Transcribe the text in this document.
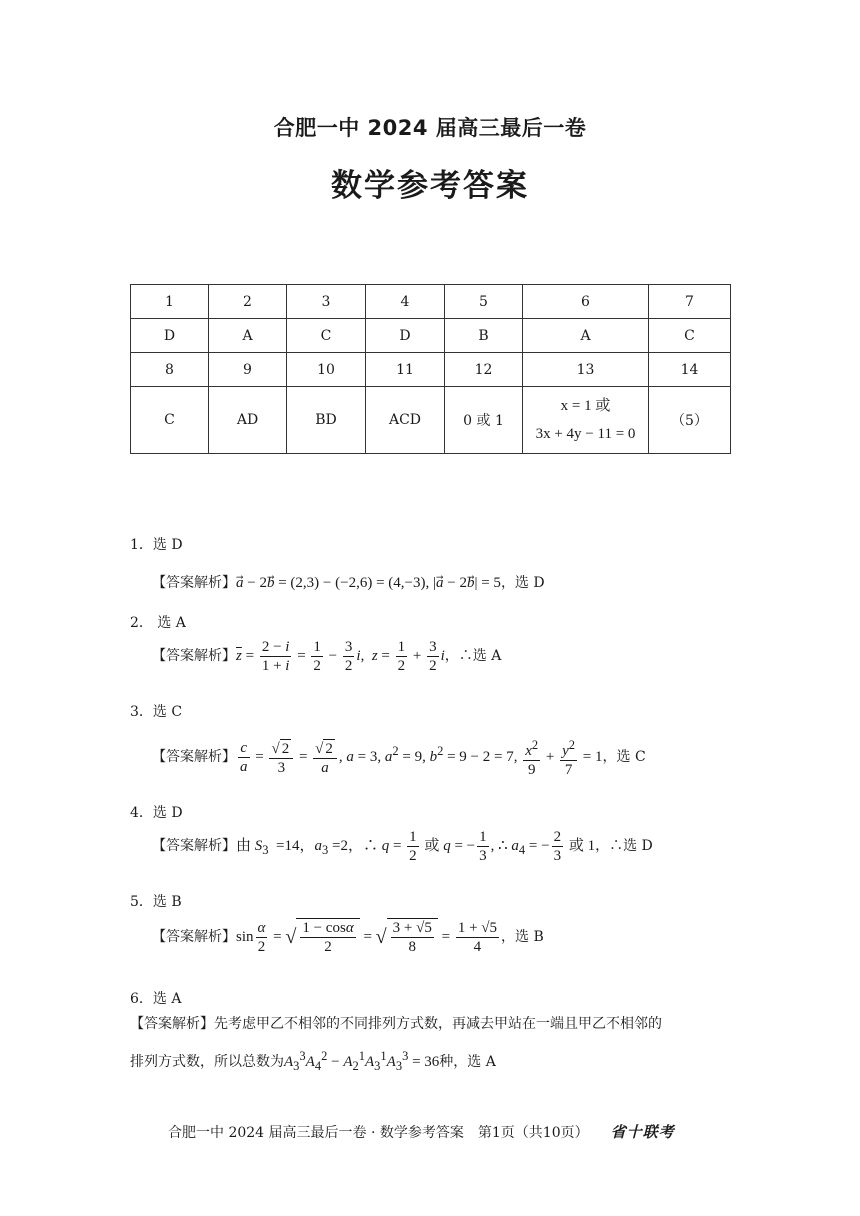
合肥一中 2024 届高三最后一卷
数学参考答案
1	2	3	4	5	6	7
D	A	C	D	B	A	C
8	9	10	11	12	13	14
C	AD	BD	ACD	0 或 1	x = 1 或
3x + 4y − 11 = 0	（5）
1．选 D
【答案解析】a⃗ − 2b⃗ = (2,3) − (−2,6) = (4,−3), |a⃗ − 2b⃗| = 5，选 D
2． 选 A
【答案解析】$\overline{z} = \frac{2 - i}{1 + i} = \frac{1}{2} - \frac{3}{2} i$,  $z = \frac{1}{2} + \frac{3}{2}$ i，∴选 A
3．选 C
【答案解析】 $\frac{c}{a} = \frac{√ 2}{3} = \frac{√ 2}{a}$ , a = 3, $a^2 = 9$, $b^2 = 9 - 2 = 7$, $\frac{x^2}{9} + \frac{y^2}{7} = 1$，选 C
4．选 D
【答案解析】由 $S_3 =14$，$a_3 =2$，∴ $q = \frac{1}{2}$ 或 q = − $\frac{1}{3}$ , ∴ $a_4$ = − $\frac{2}{3}$ 或 1，∴选 D
5．选 B
【答案解析】$\sin \frac{\alpha}{2}$ = √ $\frac{1 - \cos\alpha}{2}$ = √ $\frac{3 + √5}{8} = \frac{1 + √5}{4}$ ，选 B
6．选 A
【答案解析】先考虑甲乙不相邻的不同排列方式数，再减去甲站在一端且甲乙不相邻的
排列方式数，所以总数为$A_3^3A_4^2 - A_2^1A_3^1A_3^3 = 36$种，选 A
合肥一中 2024 届高三最后一卷 · 数学参考答案　第1页（共10页） 省十联考
